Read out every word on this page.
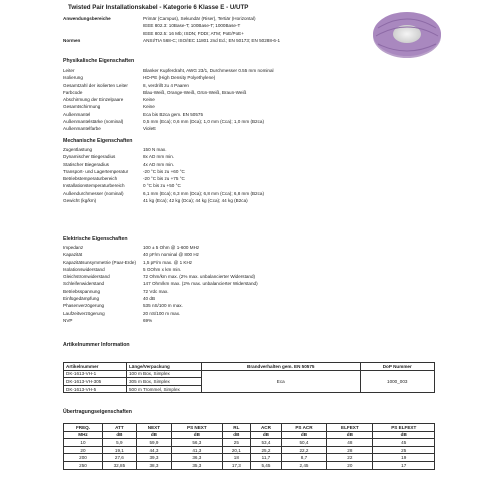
Twisted Pair Installationskabel - Kategorie 6 Klasse E - U/UTP
Anwendungsbereiche	Primär (Campus), Sekundär (Riser), Tertiär (Horizontal)
IEEE 802.3: 10Base-T; 100Base-T; 1000Base-T
IEEE 802.5: 16 Mb; ISDN; FDDI; ATM; PoE/PoE+
Normen	ANSI/TIA 568-C; ISO/IEC 11801 2nd Ed.; EN 50173; EN 50288-6-1
Physikalische Eigenschaften
Leiter	Blanker Kupferdraht, AWG 23/1, Durchmesser 0.55 mm nominal
Isolierung	HD-PE (High Density Polyethylene)
Gesamtzahl der isolierten Leiter	8, verdrillt zu 4 Paaren
Farbcode	Blau-Weiß, Orange-Weiß, Grün-Weiß, Braun-Weiß
Abschirmung der Einzelpaare	Keine
Gesamtschirmung	Keine
Außenmantel	Eca bis B2ca gem. EN 50575
Außenmantelstärke (nominal)	0,5 mm (Eca); 0,6 mm (Dca); 1,0 mm (Cca); 1,0 mm (B2ca)
Außenmantelfarbe	Violett
Mechanische Eigenschaften
Zugentlastung	150 N max.
Dynamischer Biegeradius	8x AD mm min.
Statischer Biegeradius	4x AD mm min.
Transport- und Lagertemperatur	-20 °C bis zu +60 °C
Betriebstemperaturbereich	-20 °C bis zu +75 °C
Installationstemperaturbereich	0 °C bis zu +50 °C
Außendurchmesser (nominal)	6,1 mm (Eca); 6,3 mm (Dca); 6,8 mm (Cca); 6,8 mm (B2ca)
Gewicht (kg/km)	41 kg (Eca); 42 kg (Dca); 44 kg (Cca); 44 kg (B2ca)
Elektrische Eigenschaften
Impedanz	100 ± 5 Ohm @ 1-600 MHz
Kapazität	40 pF/m nominal @ 800 Hz
Kapazitätsunsymmetrie (Paar-Erde)	1,5 pF/m max. @ 1 KHz
Isolationswiderstand	5 GOhm x km min.
Gleichstromwiderstand	72 Ohm/km max. (2% max. unbalancierter Widerstand)
Schleifenwiderstand	147 Ohm/km max. (2% max. unbalancierter Widerstand)
Betriebsspannung	72 Vdc max.
Einfügedämpfung	40 dB
Phasenverzögerung	535 nS/100 m max.
Laufzeitverzögerung	20 nS/100 m max.
NVP	69%
Artikelnummer Information
Artikelnummer	Länge/Verpackung	Brandverhalten gem. EN 50575	DoP Nummer
DK-1613-VH-1	100 m Box, Simplex	Eca	1000_003
DK-1613-VH-305	305 m Box, Simplex		
DK-1613-VH-5	500 m Trommel, Simplex		
Übertragungseigenschaften
FREQ.	ATT	NEXT	PS NEXT	RL	ACR	PS ACR	ELFEXT	PS ELFEXT
MHz	dB	dB	dB	dB	dB	dB	dB	dB
10	5,9	59,9	56,3	25	53,4	50,4	48	45
20	19,1	44,3	41,3	20,1	25,2	22,2	28	25
200	27,6	39,3	36,3	18	11,7	8,7	22	19
250	32,85	38,3	35,3	17,3	5,45	2,45	20	17
